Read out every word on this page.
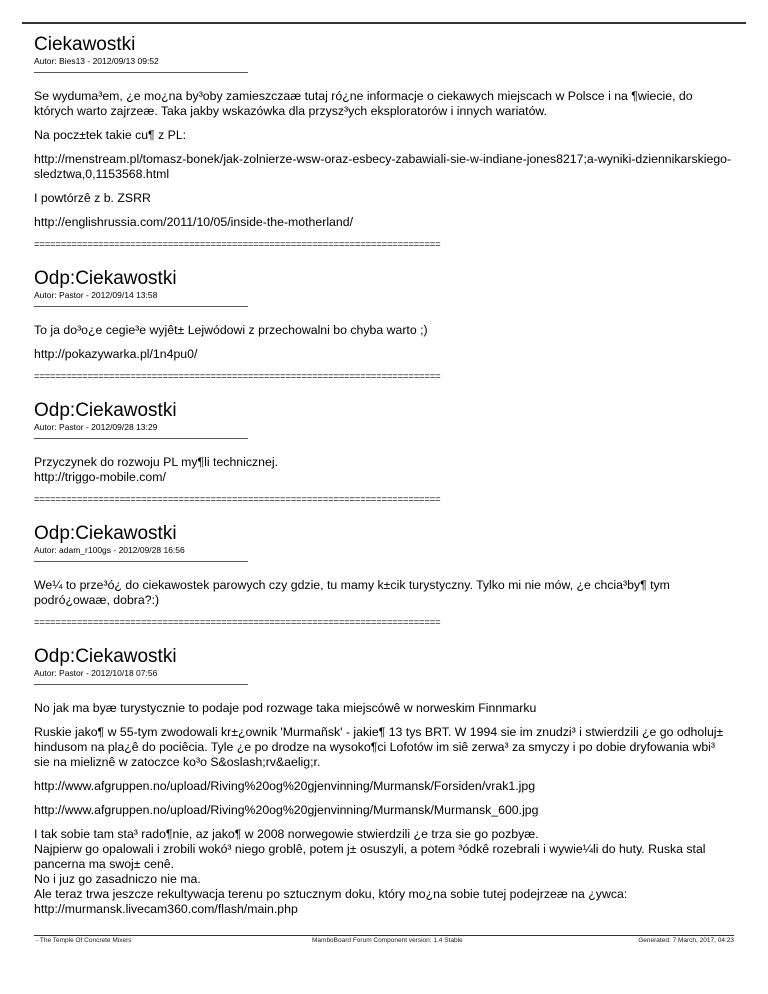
Ciekawostki
Autor: Bies13 - 2012/09/13 09:52

Se wyduma³em, ¿e mo¿na by³oby zamieszczaæ tutaj ró¿ne informacje o ciekawych miejscach w Polsce i na ¶wiecie, do których warto zajrzeæ. Taka jakby wskazówka dla przysz³ych eksploratorów i innych wariatów.

Na pocz±tek takie cu¶ z PL:

http://menstream.pl/tomasz-bonek/jak-zolnierze-wsw-oraz-esbecy-zabawiali-sie-w-indiane-jones8217;a-wyniki-dziennikarskiego-sledztwa,0,1153568.html

I powtórzê z b. ZSRR

http://englishrussia.com/2011/10/05/inside-the-motherland/

============================================================================
Odp:Ciekawostki
Autor: Pastor - 2012/09/14 13:58

To ja do³o¿e cegie³e wyjêt± Lejwódowi z przechowalni bo chyba warto ;)

http://pokazywarka.pl/1n4pu0/

============================================================================
Odp:Ciekawostki
Autor: Pastor - 2012/09/28 13:29

Przyczynek do rozwoju PL my¶li technicznej.
http://triggo-mobile.com/

============================================================================
Odp:Ciekawostki
Autor: adam_r100gs - 2012/09/28 16:56

We¼ to prze³ó¿ do ciekawostek parowych czy gdzie, tu mamy k±cik turystyczny. Tylko mi nie mów, ¿e chcia³by¶ tym podró¿owaæ, dobra?:)

============================================================================
Odp:Ciekawostki
Autor: Pastor - 2012/10/18 07:56

No jak ma byæ turystycznie to podaje pod rozwage taka miejscówê w norweskim Finnmarku

Ruskie jako¶ w 55-tym zwodowali kr±¿ownik 'Murmañsk' - jakie¶ 13 tys BRT. W 1994 sie im znudzi³ i stwierdzili ¿e go odholuj± hindusom na pla¿ê do pociêcia. Tyle ¿e po drodze na wysoko¶ci Lofotów im siê zerwa³ za smyczy i po dobie dryfowania wbi³ sie na mieliznê w zatoczce ko³o S&oslash;rv&aelig;r.

http://www.afgruppen.no/upload/Riving%20og%20gjenvinning/Murmansk/Forsiden/vrak1.jpg

http://www.afgruppen.no/upload/Riving%20og%20gjenvinning/Murmansk/Murmansk_600.jpg

I tak sobie tam sta³ rado¶nie, az jako¶ w 2008 norwegowie stwierdzili ¿e trza sie go pozbyæ.
Najpierw go opalowali i zrobili wokó³ niego groblê, potem j± osuszyli, a potem ³ódkê rozebrali i wywie¼li do huty. Ruska stal pancerna ma swoj± cenê.
No i juz go zasadniczo nie ma.
Ale teraz trwa jeszcze rekultywacja terenu po sztucznym doku, który mo¿na sobie tutej podejrzeæ na ¿ywca:
http://murmansk.livecam360.com/flash/main.php

- The Temple Of Concrete Mixers	MamboBoard Forum Component version: 1.4 Stable	Generated: 7 March, 2017, 04:23
